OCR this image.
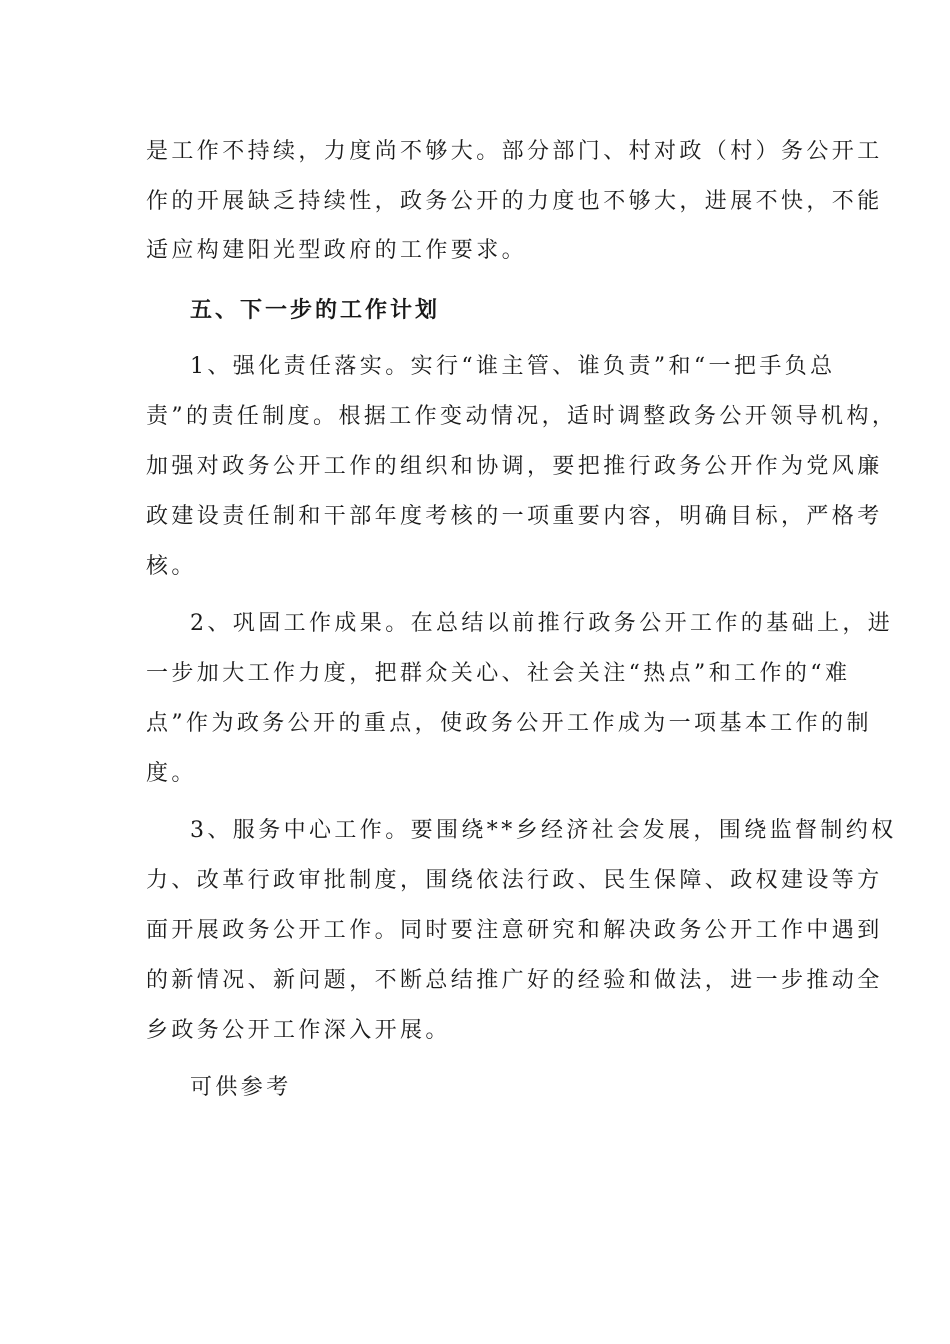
是工作不持续，力度尚不够大。部分部门、村对政（村）务公开工
作的开展缺乏持续性，政务公开的力度也不够大，进展不快，不能
适应构建阳光型政府的工作要求。
五、下一步的工作计划
1、强化责任落实。实行“谁主管、谁负责”和“一把手负总
责”的责任制度。根据工作变动情况，适时调整政务公开领导机构，
加强对政务公开工作的组织和协调，要把推行政务公开作为党风廉
政建设责任制和干部年度考核的一项重要内容，明确目标，严格考
核。
2、巩固工作成果。在总结以前推行政务公开工作的基础上，进
一步加大工作力度，把群众关心、社会关注“热点”和工作的“难
点”作为政务公开的重点，使政务公开工作成为一项基本工作的制
度。
3、服务中心工作。要围绕**乡经济社会发展，围绕监督制约权
力、改革行政审批制度，围绕依法行政、民生保障、政权建设等方
面开展政务公开工作。同时要注意研究和解决政务公开工作中遇到
的新情况、新问题，不断总结推广好的经验和做法，进一步推动全
乡政务公开工作深入开展。
可供参考
